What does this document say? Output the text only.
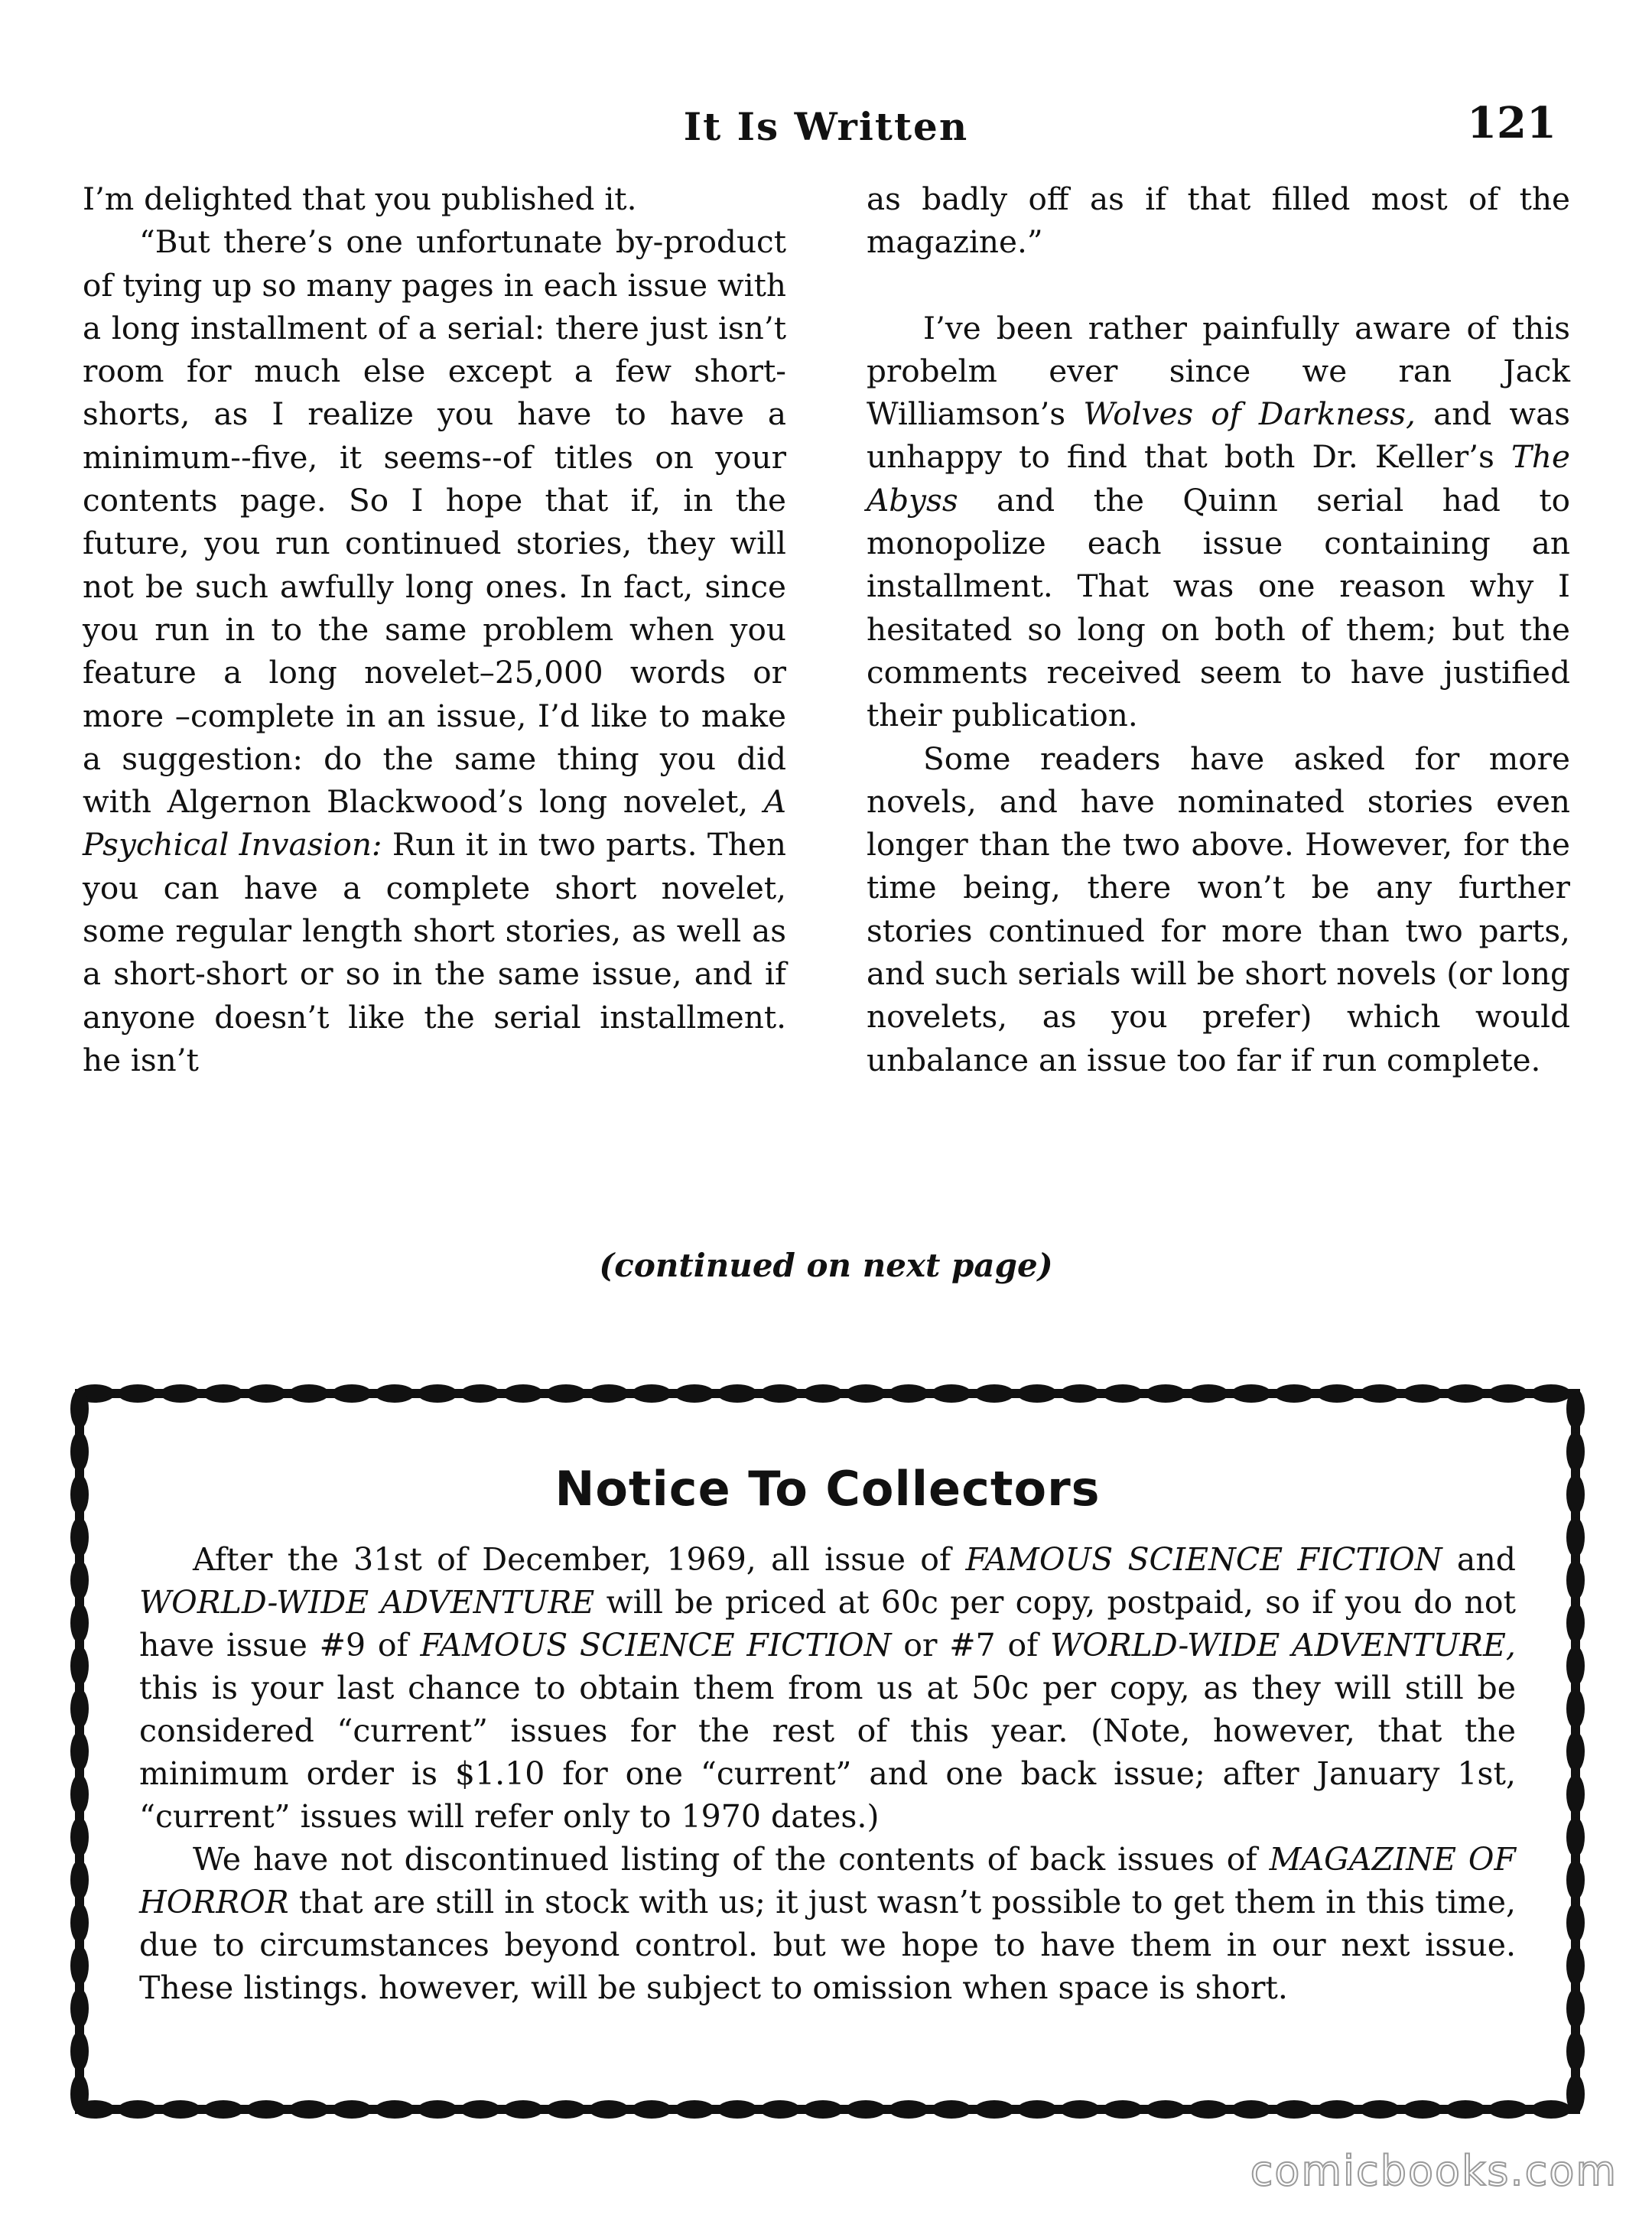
It Is Written	121

I’m delighted that you published it.

“But there’s one unfortunate by-product of tying up so many pages in each issue with a long installment of a serial: there just isn’t room for much else except a few short-shorts, as I realize you have to have a minimum--five, it seems--of titles on your contents page. So I hope that if, in the future, you run continued stories, they will not be such awfully long ones. In fact, since you run in to the same problem when you feature a long novelet–25,000 words or more –complete in an issue, I’d like to make a suggestion: do the same thing you did with Algernon Blackwood’s long novelet, A Psychical Invasion: Run it in two parts. Then you can have a complete short novelet, some regular length short stories, as well as a short-short or so in the same issue, and if anyone doesn’t like the serial installment. he isn’t

as badly off as if that filled most of the magazine.”

I’ve been rather painfully aware of this probelm ever since we ran Jack Williamson’s Wolves of Darkness, and was unhappy to find that both Dr. Keller’s The Abyss and the Quinn serial had to monopolize each issue containing an installment. That was one reason why I hesitated so long on both of them; but the comments received seem to have justified their publication.

Some readers have asked for more novels, and have nominated stories even longer than the two above. However, for the time being, there won’t be any further stories continued for more than two parts, and such serials will be short novels (or long novelets, as you prefer) which would unbalance an issue too far if run complete.

(continued on next page)
Notice To Collectors

After the 31st of December, 1969, all issue of FAMOUS SCIENCE FICTION and WORLD-WIDE ADVENTURE will be priced at 60c per copy, postpaid, so if you do not have issue #9 of FAMOUS SCIENCE FICTION or #7 of WORLD-WIDE ADVENTURE, this is your last chance to obtain them from us at 50c per copy, as they will still be considered “current” issues for the rest of this year. (Note, however, that the minimum order is $1.10 for one “current” and one back issue; after January 1st, “current” issues will refer only to 1970 dates.)

We have not discontinued listing of the contents of back issues of MAGAZINE OF HORROR that are still in stock with us; it just wasn’t possible to get them in this time, due to circumstances beyond control. but we hope to have them in our next issue. These listings. however, will be subject to omission when space is short.

comicbooks.com
